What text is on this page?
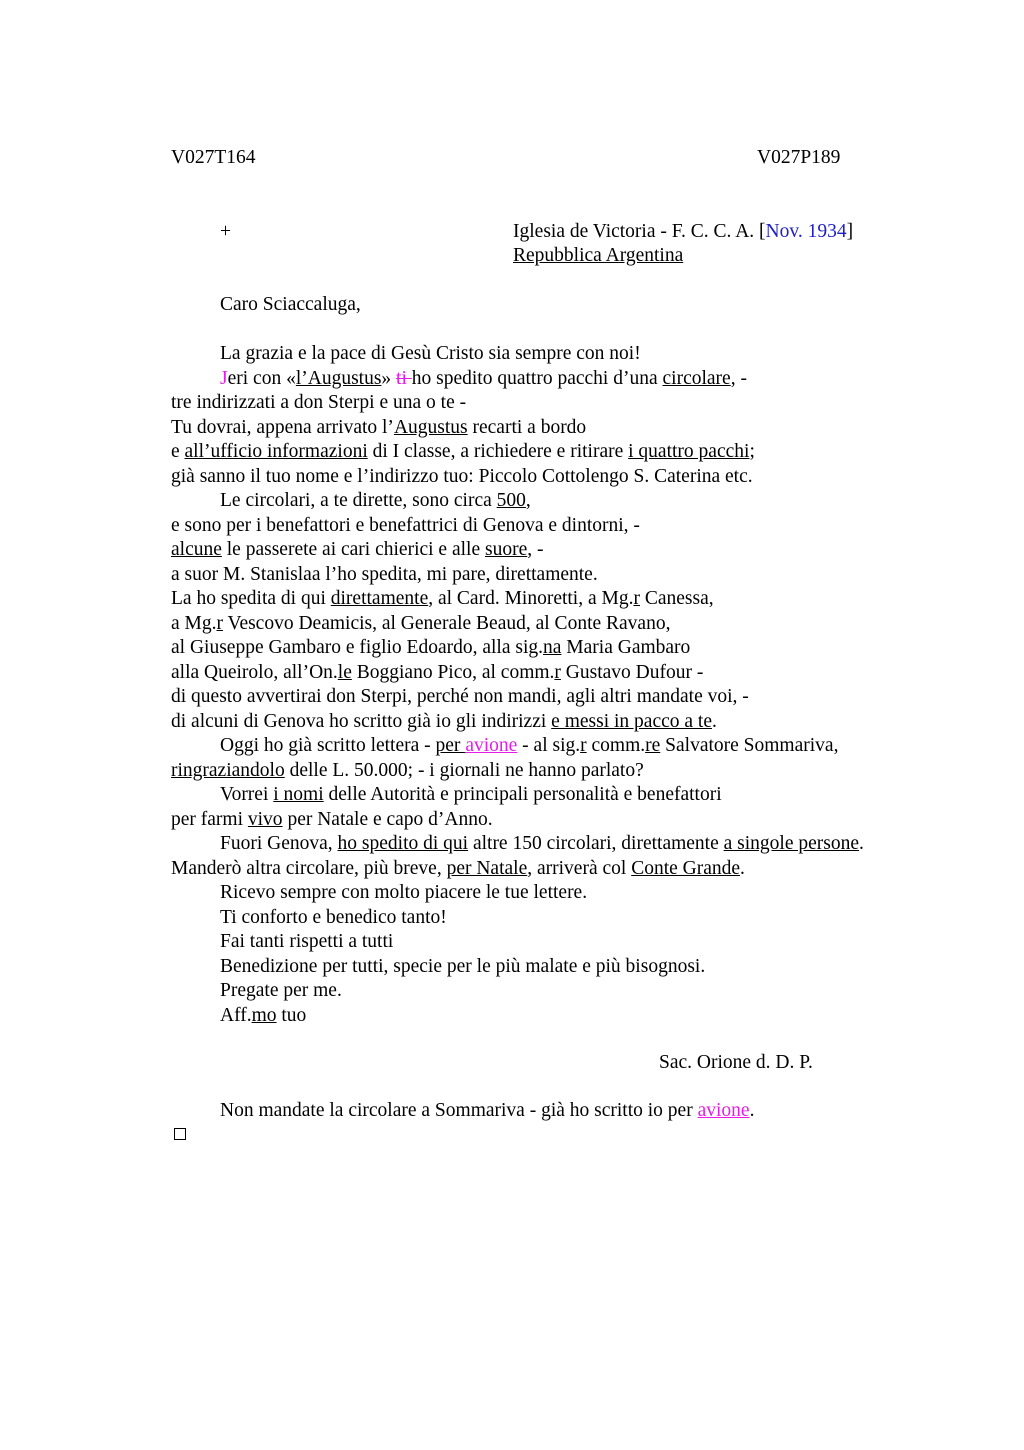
V027T164	V027P189
+	Iglesia de Victoria - F. C. C. A. [Nov. 1934]
Repubblica Argentina
Caro Sciaccaluga,
La grazia e la pace di Gesù Cristo sia sempre con noi!
Jeri con «l’Augustus» ti ho spedito quattro pacchi d’una circolare, -
tre indirizzati a don Sterpi e una o te -
Tu dovrai, appena arrivato l’Augustus recarti a bordo
e all’ufficio informazioni di I classe, a richiedere e ritirare i quattro pacchi;
già sanno il tuo nome e l’indirizzo tuo: Piccolo Cottolengo S. Caterina etc.
Le circolari, a te dirette, sono circa 500,
e sono per i benefattori e benefattrici di Genova e dintorni, -
alcune le passerete ai cari chierici e alle suore, -
a suor M. Stanislaa l’ho spedita, mi pare, direttamente.
La ho spedita di qui direttamente, al Card. Minoretti, a Mg.r Canessa,
a Mg.r Vescovo Deamicis, al Generale Beaud, al Conte Ravano,
al Giuseppe Gambaro e figlio Edoardo, alla sig.na Maria Gambaro
alla Queirolo, all’On.le Boggiano Pico, al comm.r Gustavo Dufour -
di questo avvertirai don Sterpi, perché non mandi, agli altri mandate voi, -
di alcuni di Genova ho scritto già io gli indirizzi e messi in pacco a te.
Oggi ho già scritto lettera - per avione - al sig.r comm.re Salvatore Sommariva,
ringraziandolo delle L. 50.000; - i giornali ne hanno parlato?
Vorrei i nomi delle Autorità e principali personalità e benefattori
per farmi vivo per Natale e capo d’Anno.
Fuori Genova, ho spedito di qui altre 150 circolari, direttamente a singole persone.
Manderò altra circolare, più breve, per Natale, arriverà col Conte Grande.
Ricevo sempre con molto piacere le tue lettere.
Ti conforto e benedico tanto!
Fai tanti rispetti a tutti
Benedizione per tutti, specie per le più malate e più bisognosi.
Pregate per me.
Aff.mo tuo
Sac. Orione d. D. P.
Non mandate la circolare a Sommariva - già ho scritto io per avione.
